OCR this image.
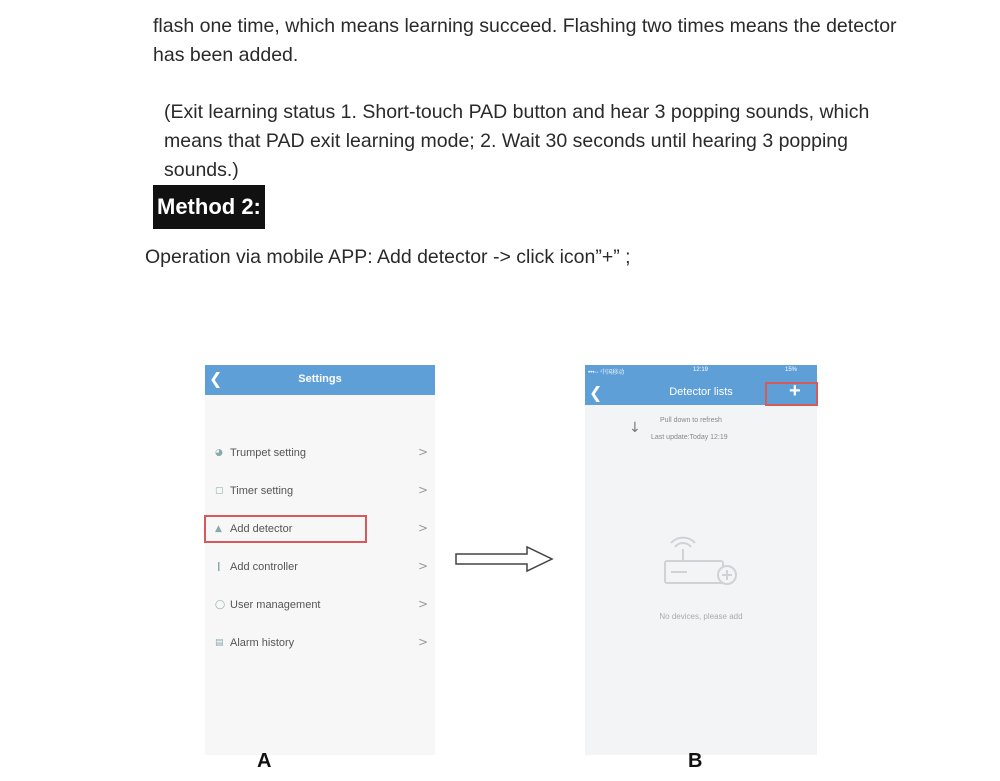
flash one time, which means learning succeed. Flashing two times means the detector has been added.
(Exit learning status 1. Short-touch PAD button and hear 3 popping sounds, which means that PAD exit learning mode; 2. Wait 30 seconds until hearing 3 popping sounds.)
Method 2:
Operation via mobile APP: Add detector -> click icon”+” ;
❮	Settings
◕ Trumpet setting	>
▢ Timer setting	>
▲ Add detector	>
❙ Add controller	>
◯ User management	>
▤ Alarm history	>
•••◦◦ 中国移动	12:19	15%
❮	Detector lists	+
↓	Pull down to refresh
Last update:Today 12:19
No devices, please add
A	B
